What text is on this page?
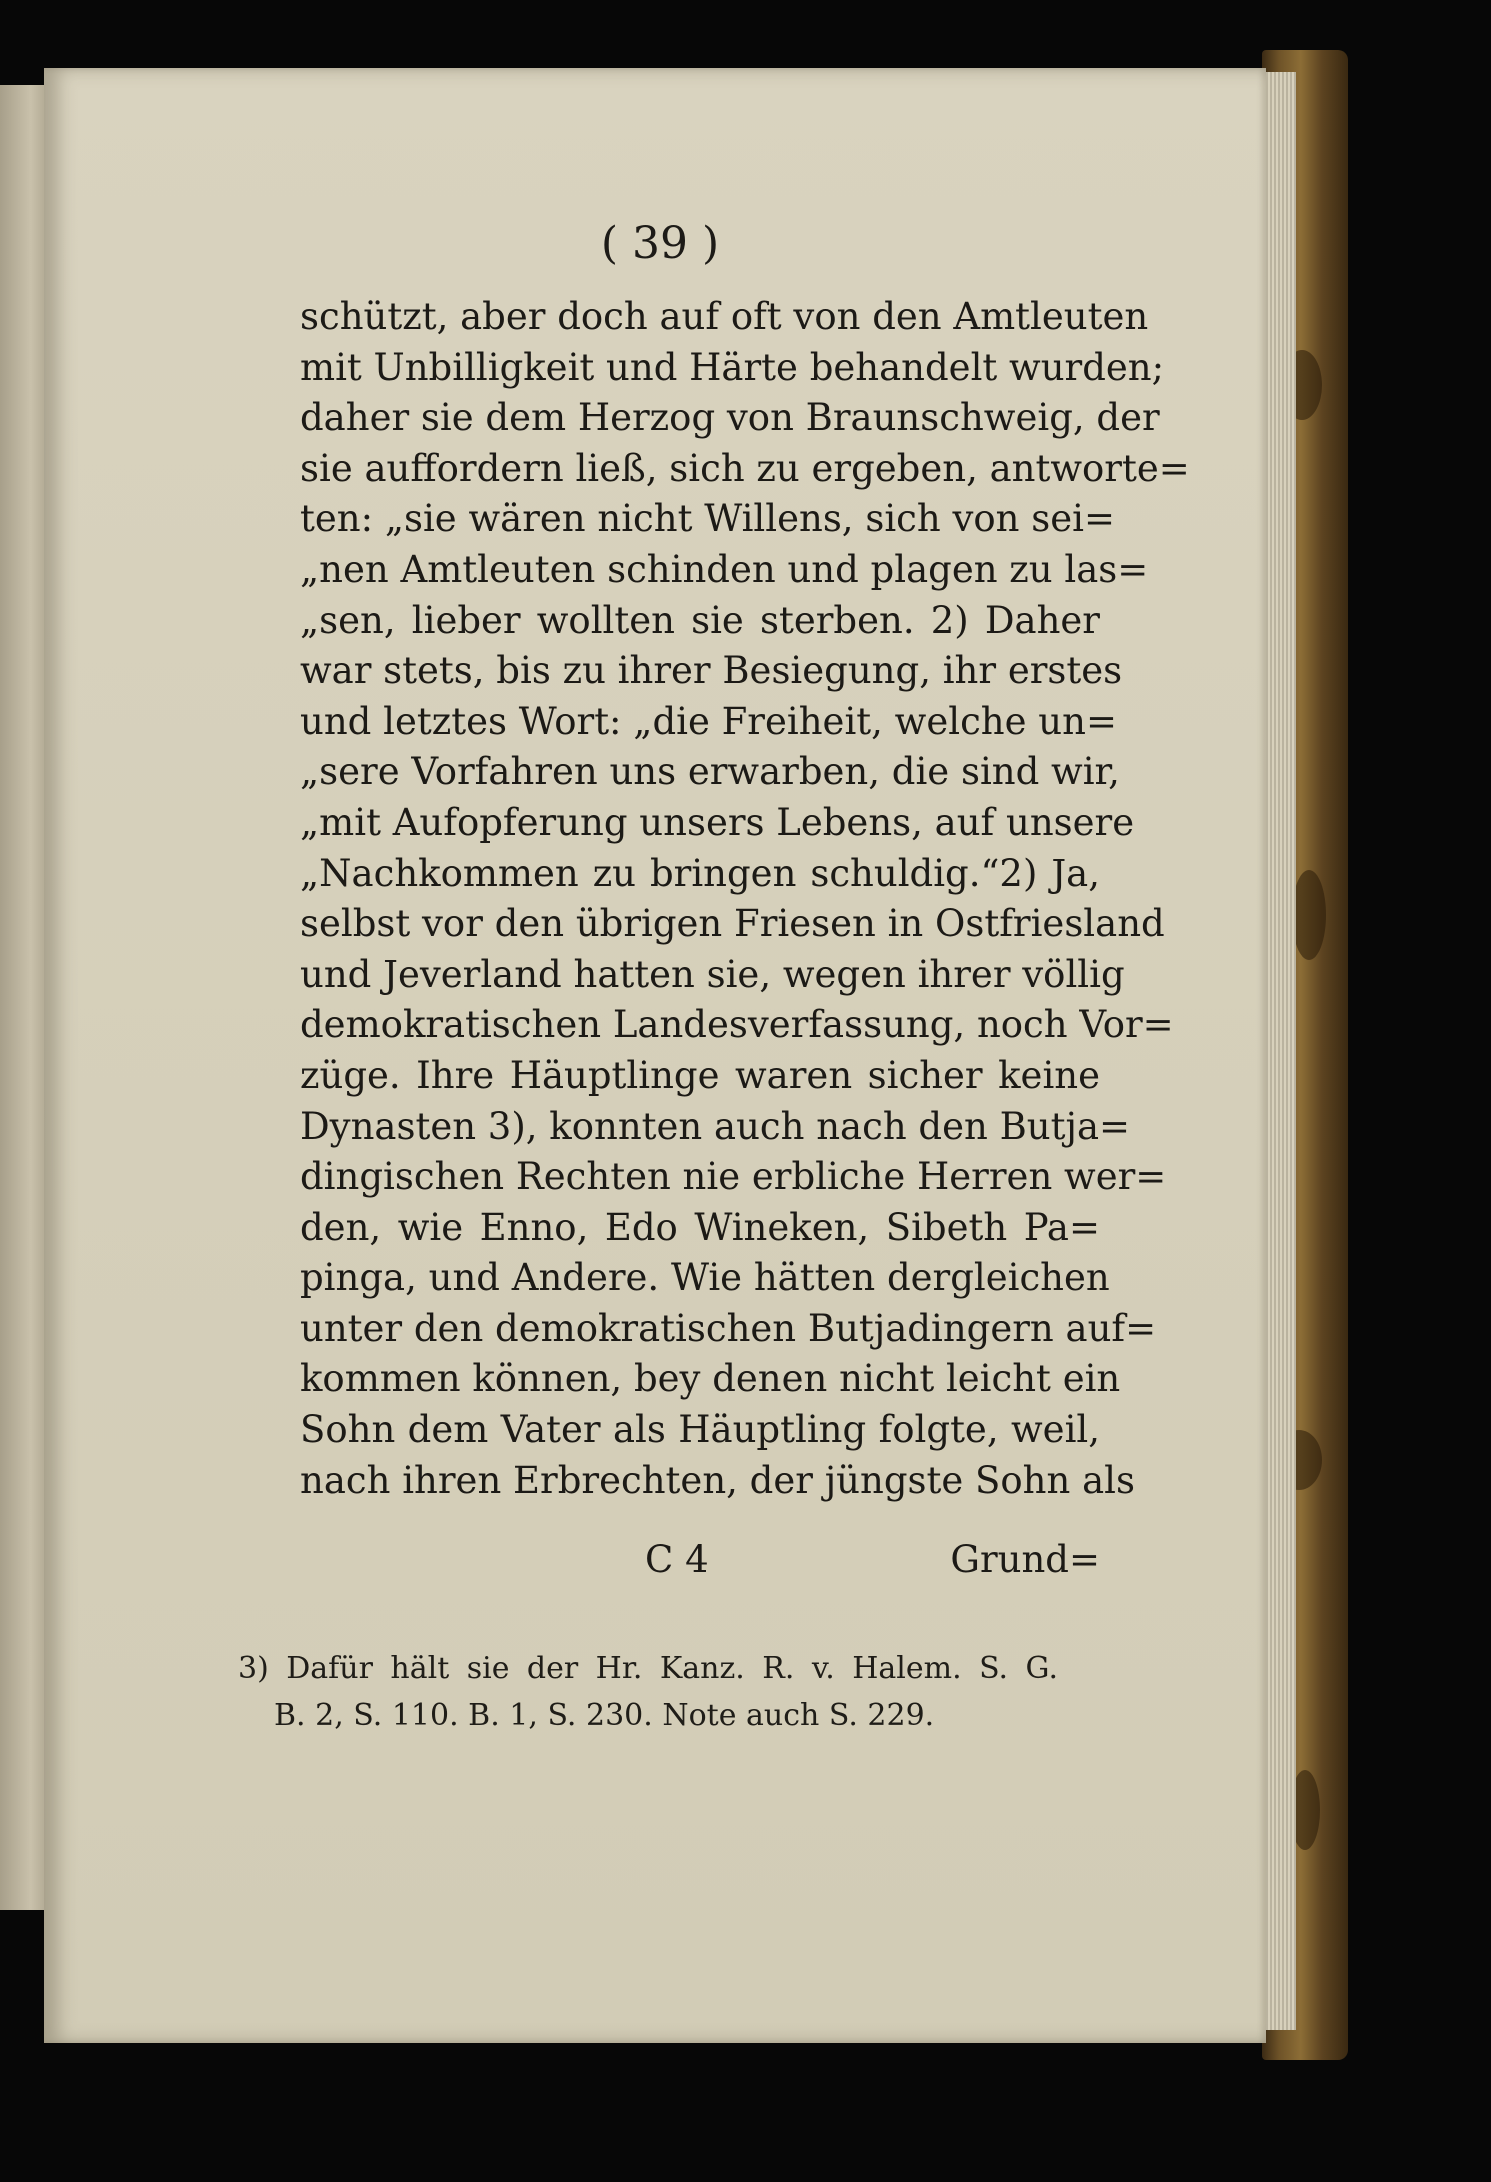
( 39 )
schützt, aber doch auf oft von den Amtleuten
mit Unbilligkeit und Härte behandelt wurden;
daher sie dem Herzog von Braunschweig, der
sie auffordern ließ, sich zu ergeben, antworte=
ten: „sie wären nicht Willens, sich von sei=
„nen Amtleuten schinden und plagen zu las=
„sen, lieber wollten sie sterben. 2) Daher
war stets, bis zu ihrer Besiegung, ihr erstes
und letztes Wort: „die Freiheit, welche un=
„sere Vorfahren uns erwarben, die sind wir,
„mit Aufopferung unsers Lebens, auf unsere
„Nachkommen zu bringen schuldig.“2) Ja,
selbst vor den übrigen Friesen in Ostfriesland
und Jeverland hatten sie, wegen ihrer völlig
demokratischen Landesverfassung, noch Vor=
züge. Ihre Häuptlinge waren sicher keine
Dynasten 3), konnten auch nach den Butja=
dingischen Rechten nie erbliche Herren wer=
den, wie Enno, Edo Wineken, Sibeth Pa=
pinga, und Andere. Wie hätten dergleichen
unter den demokratischen Butjadingern auf=
kommen können, bey denen nicht leicht ein
Sohn dem Vater als Häuptling folgte, weil,
nach ihren Erbrechten, der jüngste Sohn als
C 4	Grund=
3) Dafür hält sie der Hr. Kanz. R. v. Halem. S. G.
B. 2, S. 110. B. 1, S. 230. Note auch S. 229.
